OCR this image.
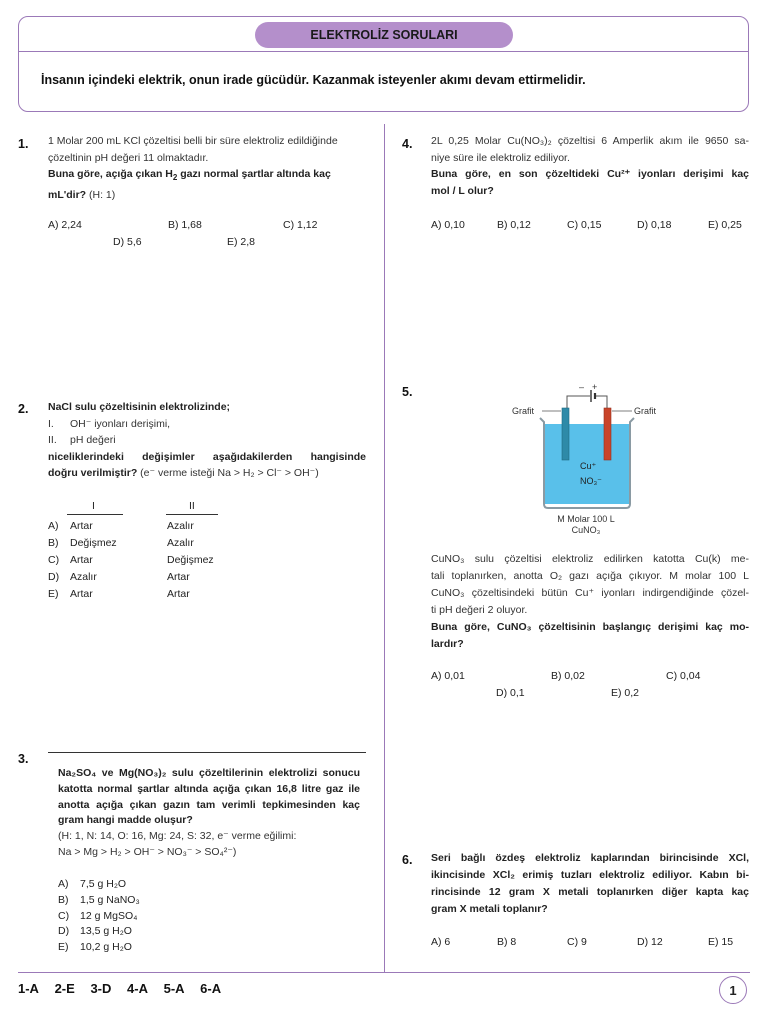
ELEKTROLİZ SORULARI
İnsanın içindeki elektrik, onun irade gücüdür. Kazanmak isteyenler akımı devam ettirmelidir.
1. 1 Molar 200 mL KCl çözeltisi belli bir süre elektroliz edildiğinde
çözeltinin pH değeri 11 olmaktadır.
Buna göre, açığa çıkan $H_2$ gazı normal şartlar altında kaç
mL'dir? (H: 1)
A) 2,24	B) 1,68	C) 1,12
D) 5,6	E) 2,8
2. NaCl sulu çözeltisinin elektrolizinde;
I. OH⁻ iyonları derişimi,
II. pH değeri
niceliklerindeki değişimler aşağıdakilerden hangisinde
doğru verilmiştir? (e⁻ verme isteği Na > H₂ > Cl⁻ > OH⁻)
I	II
A)	Artar	Azalır
B)	Değişmez	Azalır
C)	Artar	Değişmez
D)	Azalır	Artar
E)	Artar	Artar
3.
Na₂SO₄ ve Mg(NO₃)₂ sulu çözeltilerinin elektrolizi sonucu
katotta normal şartlar altında açığa çıkan 16,8 litre gaz ile
anotta açığa çıkan gazın tam verimli tepkimesinden kaç
gram hangi madde oluşur?
(H: 1, N: 14, O: 16, Mg: 24, S: 32, e⁻ verme eğilimi:
Na > Mg > H₂ > OH⁻ > NO₃⁻ > SO₄²⁻)
A) 7,5 g H₂O
B) 1,5 g NaNO₃
C) 12 g MgSO₄
D) 13,5 g H₂O
E) 10,2 g H₂O
4. 2L 0,25 Molar Cu(NO₃)₂ çözeltisi 6 Amperlik akım ile 9650 sa-
niye süre ile elektroliz ediliyor.
Buna göre, en son çözeltideki Cu²⁺ iyonları derişimi kaç
mol / L olur?
A) 0,10	B) 0,12	C) 0,15	D) 0,18	E) 0,25
5.	– +
Grafit	Grafit
Cu⁺
NO₃⁻
M Molar 100 L
CuNO₃
CuNO₃ sulu çözeltisi elektroliz edilirken katotta Cu(k) me-
tali toplanırken, anotta O₂ gazı açığa çıkıyor. M molar 100 L
CuNO₃ çözeltisindeki bütün Cu⁺ iyonları indirgendiğinde çözel-
ti pH değeri 2 oluyor.
Buna göre, CuNO₃ çözeltisinin başlangıç derişimi kaç mo-
lardır?
A) 0,01	B) 0,02	C) 0,04
D) 0,1	E) 0,2
6. Seri bağlı özdeş elektroliz kaplarından birincisinde XCl,
ikincisinde XCl₂ erimiş tuzları elektroliz ediliyor. Kabın bi-
rincisinde 12 gram X metali toplanırken diğer kapta kaç
gram X metali toplanır?
A) 6	B) 8	C) 9	D) 12	E) 15
1-A 2-E 3-D 4-A 5-A 6-A	1
